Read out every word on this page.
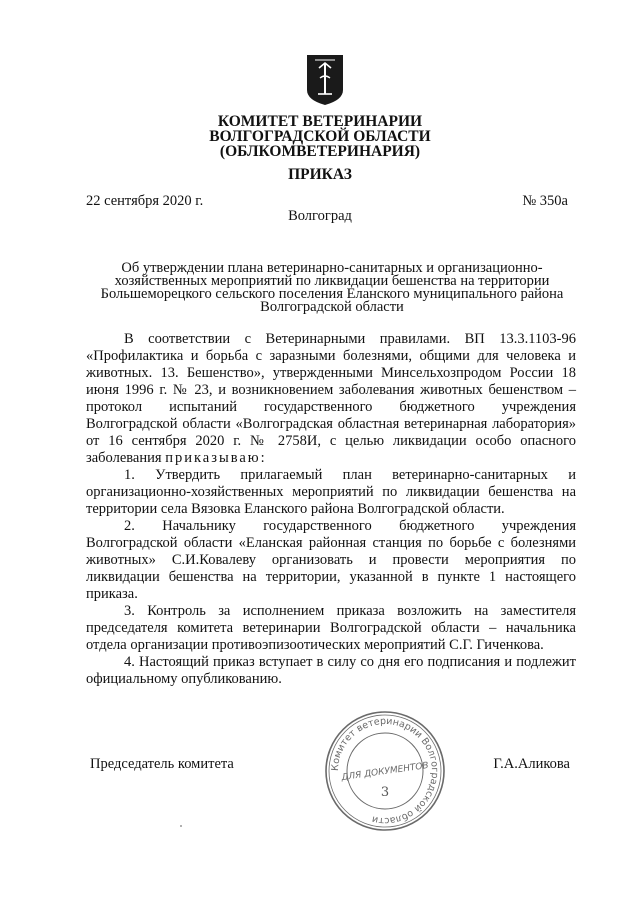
КОМИТЕТ ВЕТЕРИНАРИИ
ВОЛГОГРАДСКОЙ ОБЛАСТИ
(ОБЛКОМВЕТЕРИНАРИЯ)
ПРИКАЗ
22 сентября 2020 г.	№ 350а
Волгоград
Об утверждении плана ветеринарно-санитарных и организационно-
хозяйственных мероприятий по ликвидации бешенства на территории
Большеморецкого сельского поселения Еланского муниципального района
Волгоградской области

В соответствии с Ветеринарными правилами. ВП 13.3.1103-96 «Профилактика и борьба с заразными болезнями, общими для человека и животных. 13. Бешенство», утвержденными Минсельхозпродом России 18 июня 1996 г. № 23, и возникновением заболевания животных бешенством – протокол испытаний государственного бюджетного учреждения Волгоградской области «Волгоградская областная ветеринарная лаборатория» от 16 сентября 2020 г. № 2758И, с целью ликвидации особо опасного заболевания приказываю:

1. Утвердить прилагаемый план ветеринарно-санитарных и организационно-хозяйственных мероприятий по ликвидации бешенства на территории села Вязовка Еланского района Волгоградской области.

2. Начальнику государственного бюджетного учреждения Волгоградской области «Еланская районная станция по борьбе с болезнями животных» С.И.Ковалеву организовать и провести мероприятия по ликвидации бешенства на территории, указанной в пункте 1 настоящего приказа.

3. Контроль за исполнением приказа возложить на заместителя председателя комитета ветеринарии Волгоградской области – начальника отдела организации противоэпизоотических мероприятий С.Г. Гиченкова.

4. Настоящий приказ вступает в силу со дня его подписания и подлежит официальному опубликованию.

Председатель комитета	Г.А.Аликова
Комитет ветеринарии Волгоградской области
ДЛЯ ДОКУМЕНТОВ
3
